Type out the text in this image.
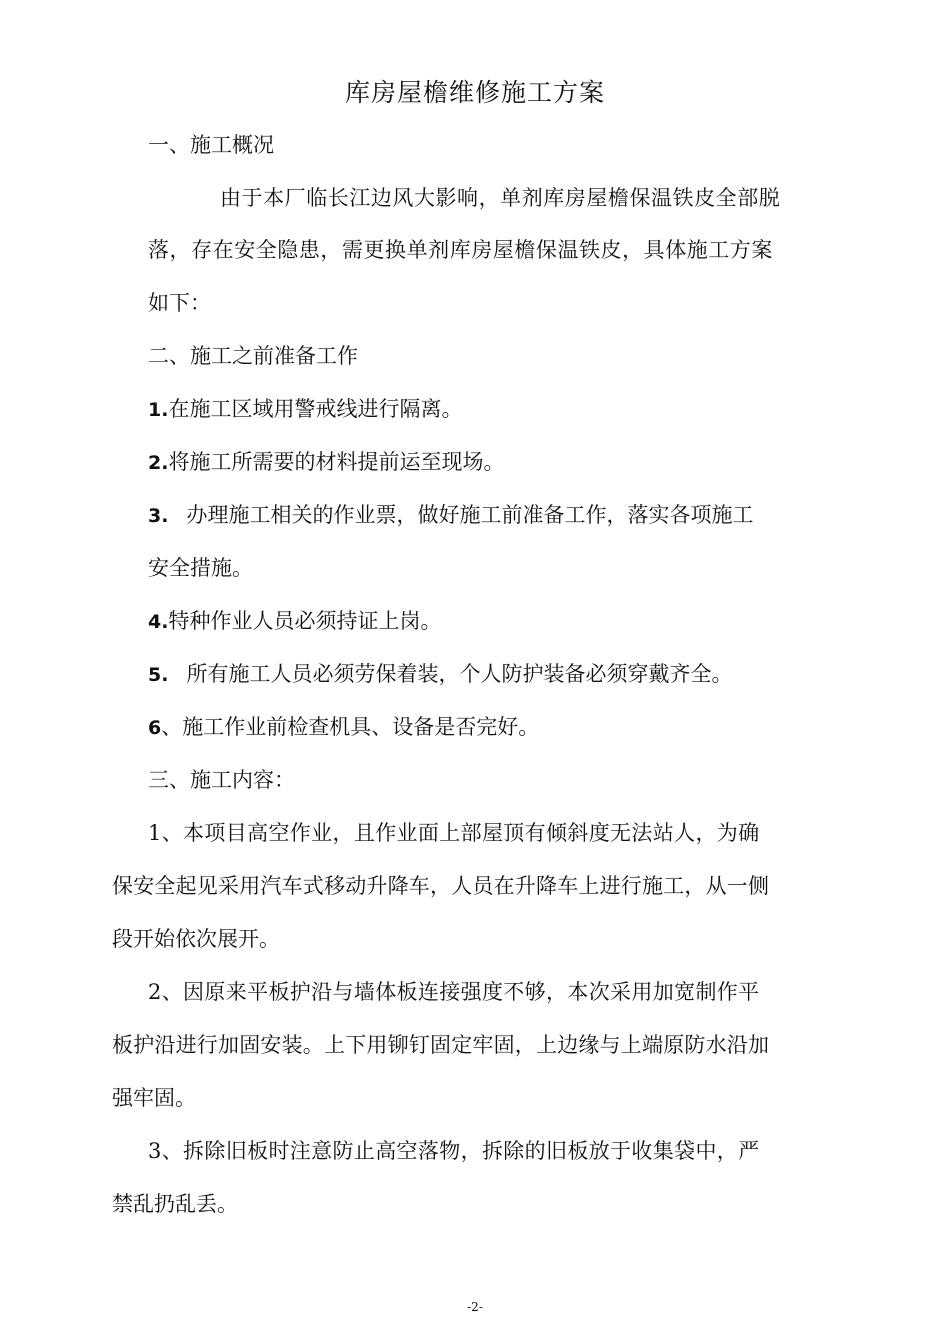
库房屋檐维修施工方案
一、施工概况
由于本厂临长江边风大影响，单剂库房屋檐保温铁皮全部脱
落，存在安全隐患，需更换单剂库房屋檐保温铁皮，具体施工方案
如下：
二、施工之前准备工作
1.在施工区域用警戒线进行隔离。
2.将施工所需要的材料提前运至现场。
3. 办理施工相关的作业票，做好施工前准备工作，落实各项施工
安全措施。
4.特种作业人员必须持证上岗。
5. 所有施工人员必须劳保着装，个人防护装备必须穿戴齐全。
6、施工作业前检查机具、设备是否完好。
三、施工内容：
1、本项目高空作业，且作业面上部屋顶有倾斜度无法站人，为确
保安全起见采用汽车式移动升降车，人员在升降车上进行施工，从一侧
段开始依次展开。
2、因原来平板护沿与墙体板连接强度不够，本次采用加宽制作平
板护沿进行加固安装。上下用铆钉固定牢固，上边缘与上端原防水沿加
强牢固。
3、拆除旧板时注意防止高空落物，拆除的旧板放于收集袋中，严
禁乱扔乱丢。
-2-
